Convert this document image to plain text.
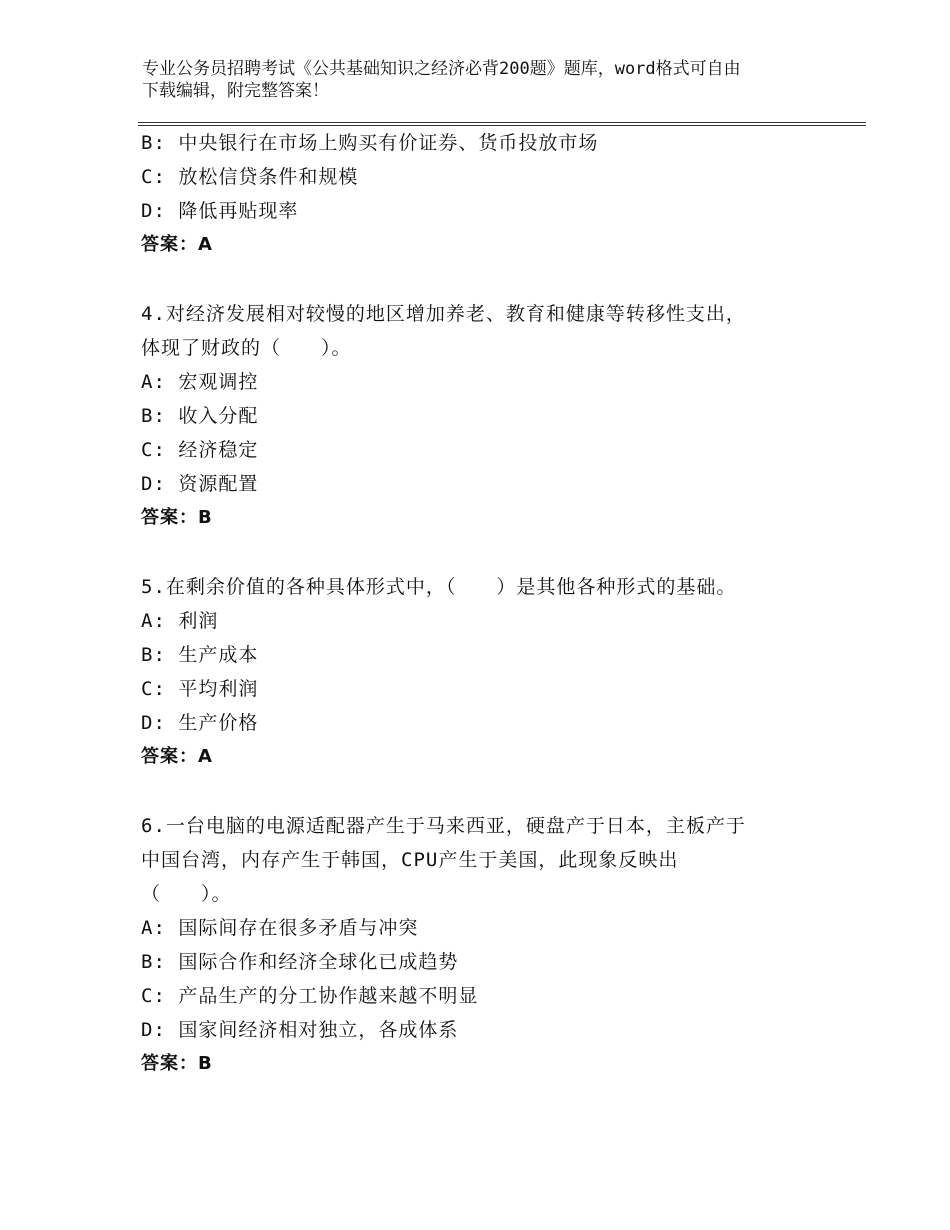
专业公务员招聘考试《公共基础知识之经济必背200题》题库，word格式可自由
下载编辑，附完整答案！
B: 中央银行在市场上购买有价证券、货币投放市场
C: 放松信贷条件和规模
D: 降低再贴现率
答案：A
4.对经济发展相对较慢的地区增加养老、教育和健康等转移性支出，
体现了财政的（　　）。
A: 宏观调控
B: 收入分配
C: 经济稳定
D: 资源配置
答案：B
5.在剩余价值的各种具体形式中，（　　）是其他各种形式的基础。
A: 利润
B: 生产成本
C: 平均利润
D: 生产价格
答案：A
6.一台电脑的电源适配器产生于马来西亚，硬盘产于日本，主板产于
中国台湾，内存产生于韩国，CPU产生于美国，此现象反映出
（　　）。
A: 国际间存在很多矛盾与冲突
B: 国际合作和经济全球化已成趋势
C: 产品生产的分工协作越来越不明显
D: 国家间经济相对独立，各成体系
答案：B
